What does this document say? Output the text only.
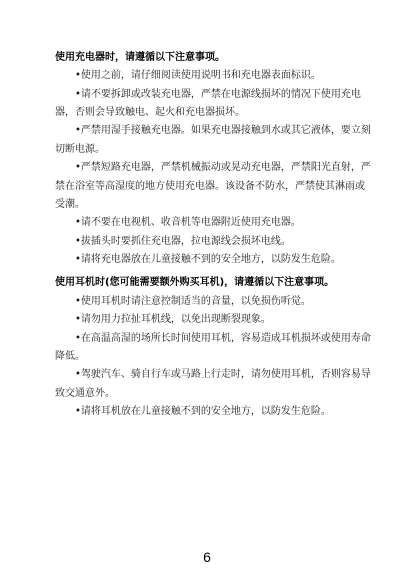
使用充电器时，请遵循以下注意事项。
•使用之前，请仔细阅读使用说明书和充电器表面标识。
•请不要拆卸或改装充电器，严禁在电源线损坏的情况下使用充电
器，否则会导致触电、起火和充电器损坏。
•严禁用湿手接触充电器。如果充电器接触到水或其它液体，要立刻
切断电源。
•严禁短路充电器，严禁机械振动或晃动充电器，严禁阳光直射，严
禁在浴室等高湿度的地方使用充电器。该设备不防水，严禁使其淋雨或
受潮。
•请不要在电视机、收音机等电器附近使用充电器。
•拔插头时要抓住充电器，拉电源线会损坏电线。
•请将充电器放在儿童接触不到的安全地方，以防发生危险。
使用耳机时(您可能需要额外购买耳机)，请遵循以下注意事项。
•使用耳机时请注意控制适当的音量，以免损伤听觉。
•请勿用力拉扯耳机线，以免出现断裂现象。
•在高温高湿的场所长时间使用耳机，容易造成耳机损坏或使用寿命
降低。
•驾驶汽车、骑自行车或马路上行走时，请勿使用耳机，否则容易导
致交通意外。
•请将耳机放在儿童接触不到的安全地方，以防发生危险。
6
